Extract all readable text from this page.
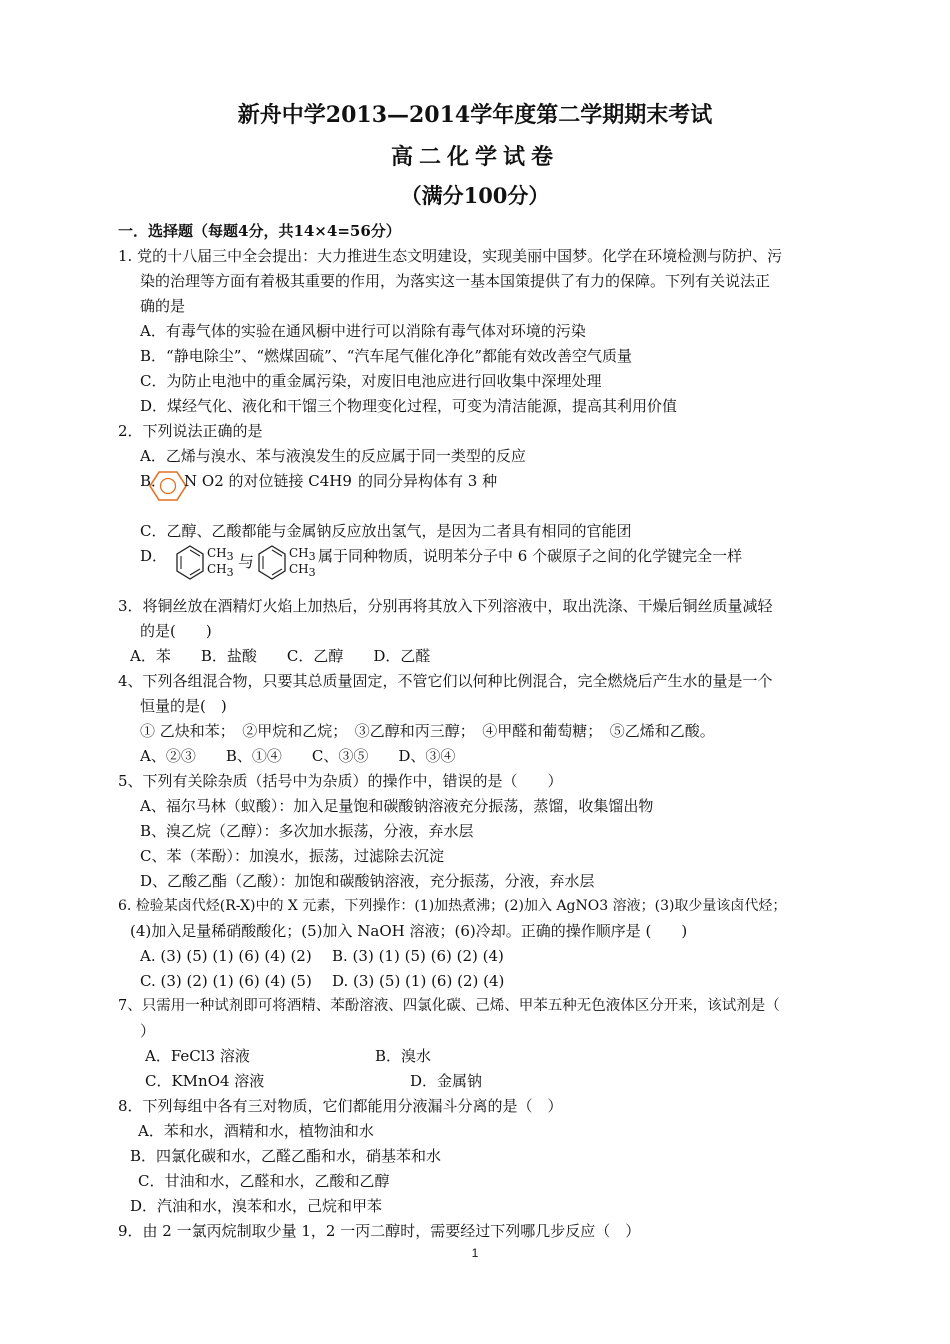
新舟中学2013—2014学年度第二学期期末考试
高二化学试卷
（满分100分）
一．选择题（每题4分，共14×4=56分）
1. 党的十八届三中全会提出：大力推进生态文明建设，实现美丽中国梦。化学在环境检测与防护、污
染的治理等方面有着极其重要的作用，为落实这一基本国策提供了有力的保障。下列有关说法正
确的是
A．有毒气体的实验在通风橱中进行可以消除有毒气体对环境的污染
B．“静电除尘”、“燃煤固硫”、“汽车尾气催化净化”都能有效改善空气质量
C．为防止电池中的重金属污染，对废旧电池应进行回收集中深埋处理
D．煤经气化、液化和干馏三个物理变化过程，可变为清洁能源，提高其利用价值
2．下列说法正确的是
A．乙烯与溴水、苯与液溴发生的反应属于同一类型的反应
B． N O2 的对位链接 C4H9 的同分异构体有 3 种
C．乙醇、乙酸都能与金属钠反应放出氢气，是因为二者具有相同的官能团
D．	CH3
CH3
与	CH3
CH3
属于同种物质，说明苯分子中 6 个碳原子之间的化学键完全一样
3．将铜丝放在酒精灯火焰上加热后，分别再将其放入下列溶液中，取出洗涤、干燥后铜丝质量减轻
的是(　　)
A．苯　　B．盐酸　　C．乙醇　　D．乙醛
4、下列各组混合物，只要其总质量固定，不管它们以何种比例混合，完全燃烧后产生水的量是一个
恒量的是(　)
① 乙炔和苯；　②甲烷和乙烷；　③乙醇和丙三醇；　④甲醛和葡萄糖；　⑤乙烯和乙酸。
A、②③　　B、①④　　C、③⑤　　D、③④
5、下列有关除杂质（括号中为杂质）的操作中，错误的是（　　）
A、福尔马林（蚁酸）：加入足量饱和碳酸钠溶液充分振荡，蒸馏，收集馏出物
B、溴乙烷（乙醇）：多次加水振荡，分液，弃水层
C、苯（苯酚）：加溴水，振荡，过滤除去沉淀
D、乙酸乙酯（乙酸）：加饱和碳酸钠溶液，充分振荡，分液，弃水层
6. 检验某卤代烃(R-X)中的 X 元素，下列操作：(1)加热煮沸；(2)加入 AgNO3 溶液；(3)取少量该卤代烃；
(4)加入足量稀硝酸酸化；(5)加入 NaOH 溶液；(6)冷却。正确的操作顺序是 (　　)
A. (3) (5) (1) (6) (4) (2) B. (3) (1) (5) (6) (2) (4)
C. (3) (2) (1) (6) (4) (5) D. (3) (5) (1) (6) (2) (4)
7、只需用一种试剂即可将酒精、苯酚溶液、四氯化碳、己烯、甲苯五种无色液体区分开来，该试剂是（
）
A．FeCl3 溶液	B．溴水
C．KMnO4 溶液	D．金属钠
8．下列每组中各有三对物质，它们都能用分液漏斗分离的是（　）
A．苯和水，酒精和水，植物油和水
B．四氯化碳和水，乙醛乙酯和水，硝基苯和水
C．甘油和水，乙醛和水，乙酸和乙醇
D．汽油和水，溴苯和水，己烷和甲苯
9．由 2 一氯丙烷制取少量 1，2 一丙二醇时，需要经过下列哪几步反应（　）
1
